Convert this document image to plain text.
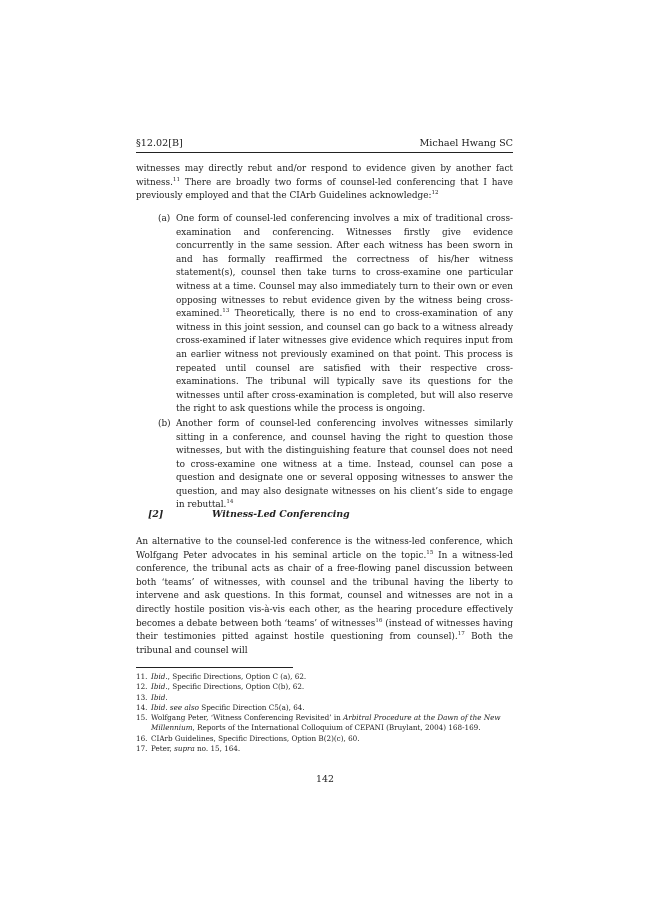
§12.02[B]	Michael Hwang SC
witnesses may directly rebut and/or respond to evidence given by another fact witness.$^{11}$ There are broadly two forms of counsel-led conferencing that I have previously employed and that the CIArb Guidelines acknowledge:$^{12}$
(a) One form of counsel-led conferencing involves a mix of traditional cross-examination and conferencing. Witnesses firstly give evidence concurrently in the same session. After each witness has been sworn in and has formally reaffirmed the correctness of his/her witness statement(s), counsel then take turns to cross-examine one particular witness at a time. Counsel may also immediately turn to their own or even opposing witnesses to rebut evidence given by the witness being cross-examined.$^{13}$ Theoretically, there is no end to cross-examination of any witness in this joint session, and counsel can go back to a witness already cross-examined if later witnesses give evidence which requires input from an earlier witness not previously examined on that point. This process is repeated until counsel are satisfied with their respective cross-examinations. The tribunal will typically save its questions for the witnesses until after cross-examination is completed, but will also reserve the right to ask questions while the process is ongoing.
(b) Another form of counsel-led conferencing involves witnesses similarly sitting in a conference, and counsel having the right to question those witnesses, but with the distinguishing feature that counsel does not need to cross-examine one witness at a time. Instead, counsel can pose a question and designate one or several opposing witnesses to answer the question, and may also designate witnesses on his client’s side to engage in rebuttal.$^{14}$
[2]	Witness-Led Conferencing
An alternative to the counsel-led conference is the witness-led conference, which Wolfgang Peter advocates in his seminal article on the topic.$^{15}$ In a witness-led conference, the tribunal acts as chair of a free-flowing panel discussion between both ‘teams’ of witnesses, with counsel and the tribunal having the liberty to intervene and ask questions. In this format, counsel and witnesses are not in a directly hostile position vis-à-vis each other, as the hearing procedure effectively becomes a debate between both ‘teams’ of witnesses$^{16}$ (instead of witnesses having their testimonies pitted against hostile questioning from counsel).$^{17}$ Both the tribunal and counsel will
11. Ibid., Specific Directions, Option C (a), 62.
12. Ibid., Specific Directions, Option C(b), 62.
13. Ibid.
14. Ibid. see also Specific Direction C5(a), 64.
15. Wolfgang Peter, ‘Witness Conferencing Revisited’ in Arbitral Procedure at the Dawn of the New Millennium, Reports of the International Colloquium of CEPANI (Bruylant, 2004) 168-169.
16. CIArb Guidelines, Specific Directions, Option B(2)(c), 60.
17. Peter, supra no. 15, 164.
142
